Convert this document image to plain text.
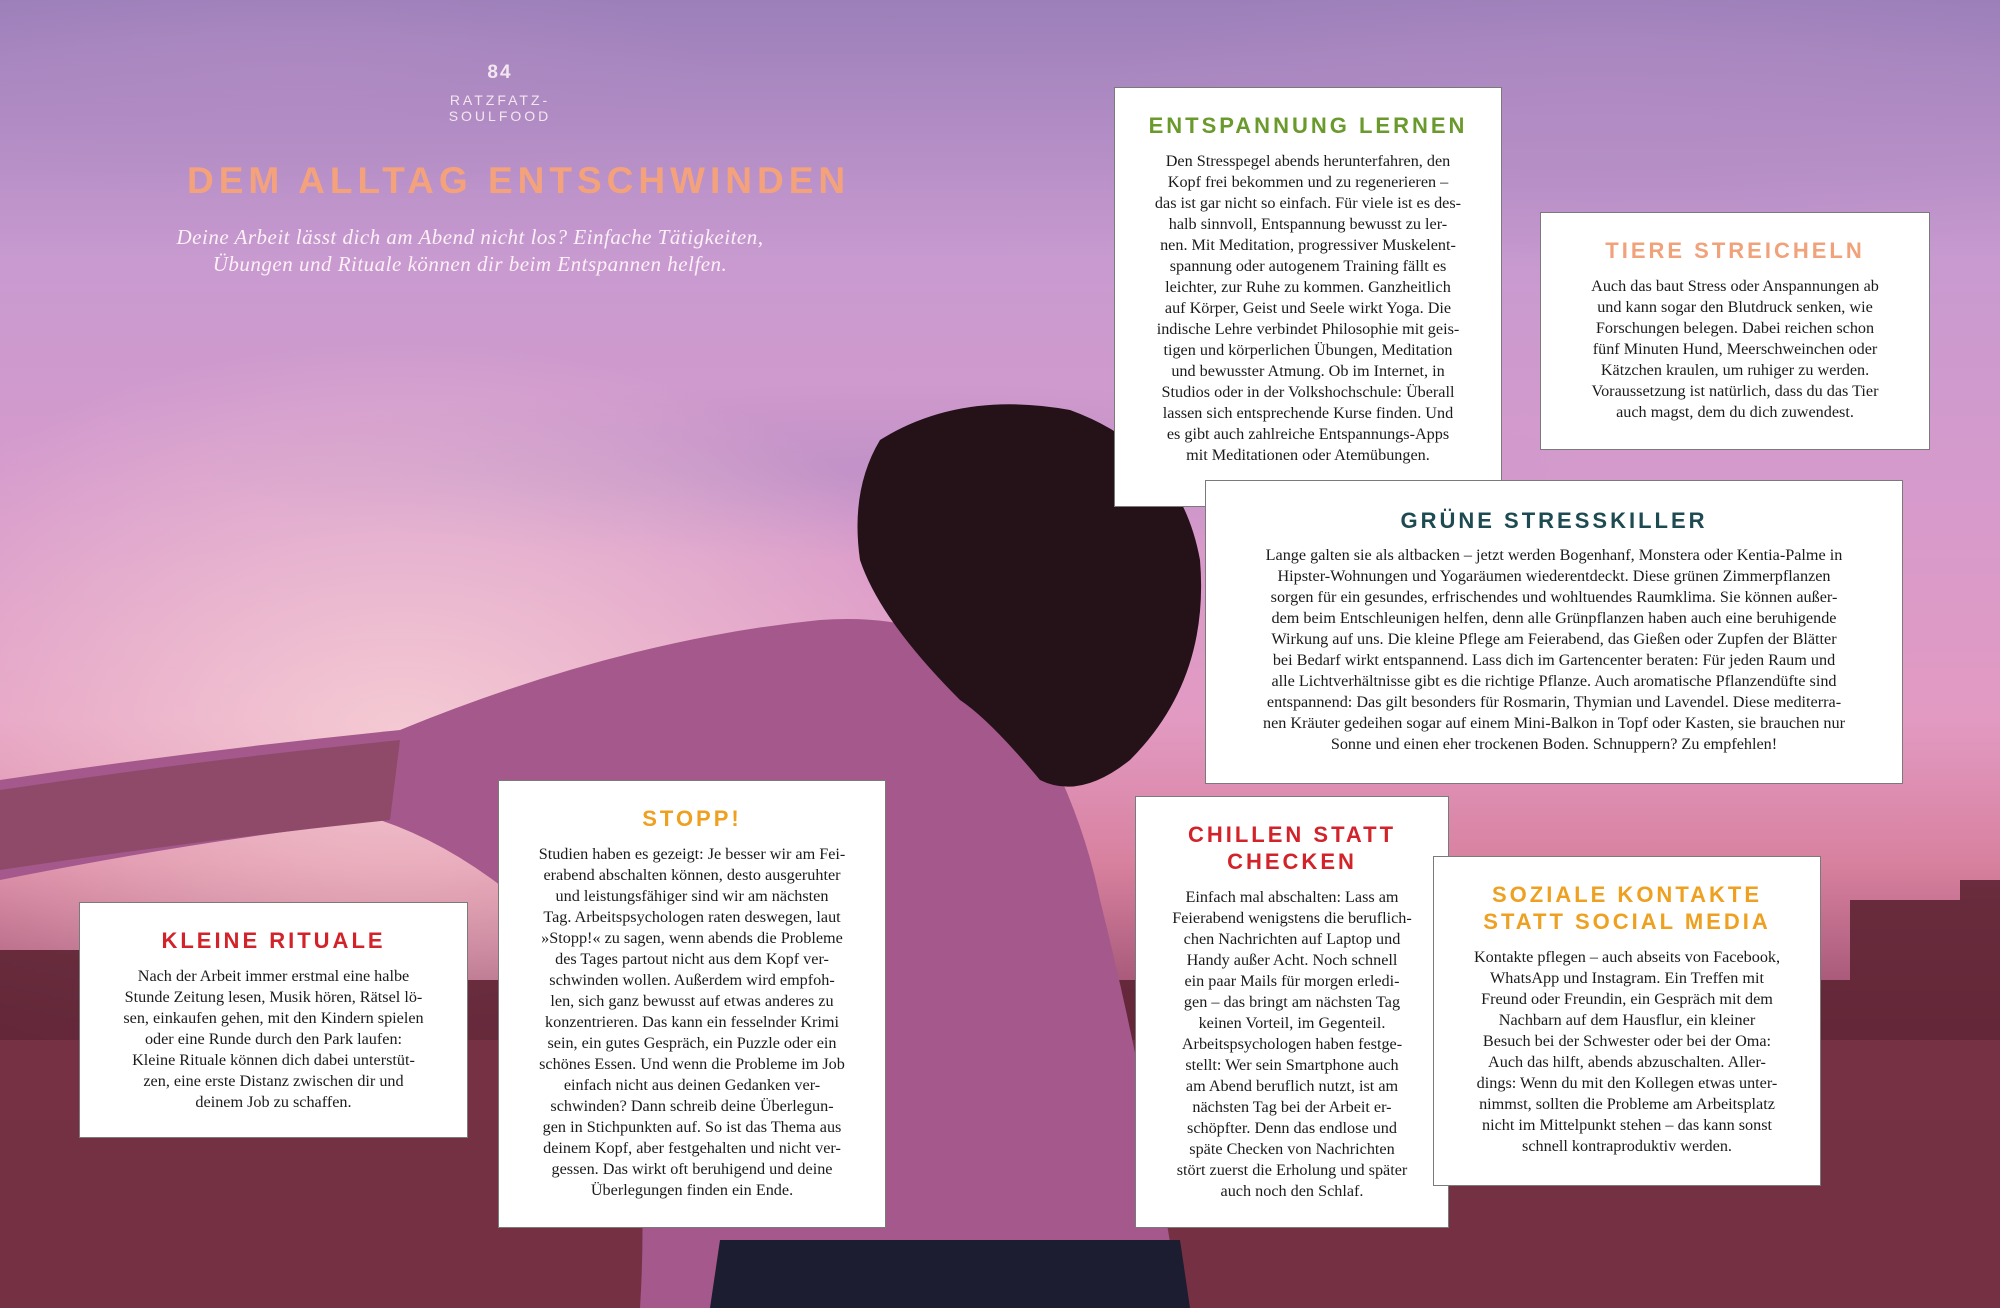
84
RATZFATZ-SOULFOOD
DEM ALLTAG ENTSCHWINDEN
Deine Arbeit lässt dich am Abend nicht los? Einfache Tätigkeiten,
Übungen und Rituale können dir beim Entspannen helfen.
ENTSPANNUNG LERNEN

Den Stresspegel abends herunterfahren, den
Kopf frei bekommen und zu regenerieren –
das ist gar nicht so einfach. Für viele ist es des-
halb sinnvoll, Entspannung bewusst zu ler-
nen. Mit Meditation, progressiver Muskelent-
spannung oder autogenem Training fällt es
leichter, zur Ruhe zu kommen. Ganzheitlich
auf Körper, Geist und Seele wirkt Yoga. Die
indische Lehre verbindet Philosophie mit geis-
tigen und körperlichen Übungen, Meditation
und bewusster Atmung. Ob im Internet, in
Studios oder in der Volkshochschule: Überall
lassen sich entsprechende Kurse finden. Und
es gibt auch zahlreiche Entspannungs-Apps
mit Meditationen oder Atemübungen.

TIERE STREICHELN

Auch das baut Stress oder Anspannungen ab
und kann sogar den Blutdruck senken, wie
Forschungen belegen. Dabei reichen schon
fünf Minuten Hund, Meerschweinchen oder
Kätzchen kraulen, um ruhiger zu werden.
Voraussetzung ist natürlich, dass du das Tier
auch magst, dem du dich zuwendest.

GRÜNE STRESSKILLER

Lange galten sie als altbacken – jetzt werden Bogenhanf, Monstera oder Kentia-Palme in
Hipster-Wohnungen und Yogaräumen wiederentdeckt. Diese grünen Zimmerpflanzen
sorgen für ein gesundes, erfrischendes und wohltuendes Raumklima. Sie können außer-
dem beim Entschleunigen helfen, denn alle Grünpflanzen haben auch eine beruhigende
Wirkung auf uns. Die kleine Pflege am Feierabend, das Gießen oder Zupfen der Blätter
bei Bedarf wirkt entspannend. Lass dich im Gartencenter beraten: Für jeden Raum und
alle Lichtverhältnisse gibt es die richtige Pflanze. Auch aromatische Pflanzendüfte sind
entspannend: Das gilt besonders für Rosmarin, Thymian und Lavendel. Diese mediterra-
nen Kräuter gedeihen sogar auf einem Mini-Balkon in Topf oder Kasten, sie brauchen nur
Sonne und einen eher trockenen Boden. Schnuppern? Zu empfehlen!

KLEINE RITUALE

Nach der Arbeit immer erstmal eine halbe
Stunde Zeitung lesen, Musik hören, Rätsel lö-
sen, einkaufen gehen, mit den Kindern spielen
oder eine Runde durch den Park laufen:
Kleine Rituale können dich dabei unterstüt-
zen, eine erste Distanz zwischen dir und
deinem Job zu schaffen.

STOPP!

Studien haben es gezeigt: Je besser wir am Fei-
erabend abschalten können, desto ausgeruhter
und leistungsfähiger sind wir am nächsten
Tag. Arbeitspsychologen raten deswegen, laut
»Stopp!« zu sagen, wenn abends die Probleme
des Tages partout nicht aus dem Kopf ver-
schwinden wollen. Außerdem wird empfoh-
len, sich ganz bewusst auf etwas anderes zu
konzentrieren. Das kann ein fesselnder Krimi
sein, ein gutes Gespräch, ein Puzzle oder ein
schönes Essen. Und wenn die Probleme im Job
einfach nicht aus deinen Gedanken ver-
schwinden? Dann schreib deine Überlegun-
gen in Stichpunkten auf. So ist das Thema aus
deinem Kopf, aber festgehalten und nicht ver-
gessen. Das wirkt oft beruhigend und deine
Überlegungen finden ein Ende.

CHILLEN STATT
CHECKEN

Einfach mal abschalten: Lass am
Feierabend wenigstens die beruflich-
chen Nachrichten auf Laptop und
Handy außer Acht. Noch schnell
ein paar Mails für morgen erledi-
gen – das bringt am nächsten Tag
keinen Vorteil, im Gegenteil.
Arbeitspsychologen haben festge-
stellt: Wer sein Smartphone auch
am Abend beruflich nutzt, ist am
nächsten Tag bei der Arbeit er-
schöpfter. Denn das endlose und
späte Checken von Nachrichten
stört zuerst die Erholung und später
auch noch den Schlaf.

SOZIALE KONTAKTE
STATT SOCIAL MEDIA

Kontakte pflegen – auch abseits von Facebook,
WhatsApp und Instagram. Ein Treffen mit
Freund oder Freundin, ein Gespräch mit dem
Nachbarn auf dem Hausflur, ein kleiner
Besuch bei der Schwester oder bei der Oma:
Auch das hilft, abends abzuschalten. Aller-
dings: Wenn du mit den Kollegen etwas unter-
nimmst, sollten die Probleme am Arbeitsplatz
nicht im Mittelpunkt stehen – das kann sonst
schnell kontraproduktiv werden.
